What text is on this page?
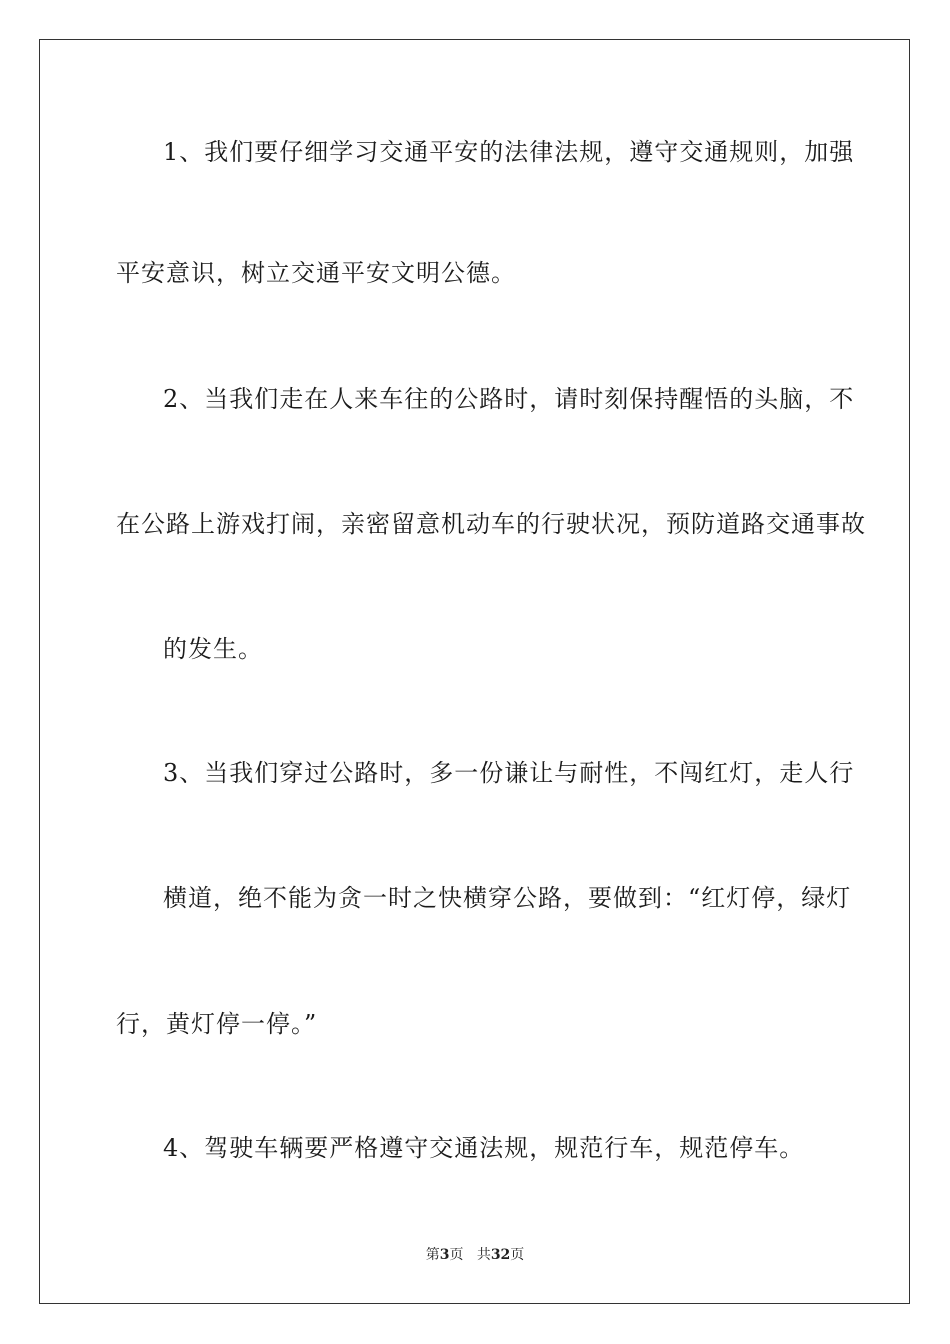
1、我们要仔细学习交通平安的法律法规，遵守交通规则，加强
平安意识，树立交通平安文明公德。
2、当我们走在人来车往的公路时，请时刻保持醒悟的头脑，不
在公路上游戏打闹，亲密留意机动车的行驶状况，预防道路交通事故
的发生。
3、当我们穿过公路时，多一份谦让与耐性，不闯红灯，走人行
横道，绝不能为贪一时之快横穿公路，要做到：“红灯停，绿灯
行，黄灯停一停。”
4、驾驶车辆要严格遵守交通法规，规范行车，规范停车。
第3页 共32页
